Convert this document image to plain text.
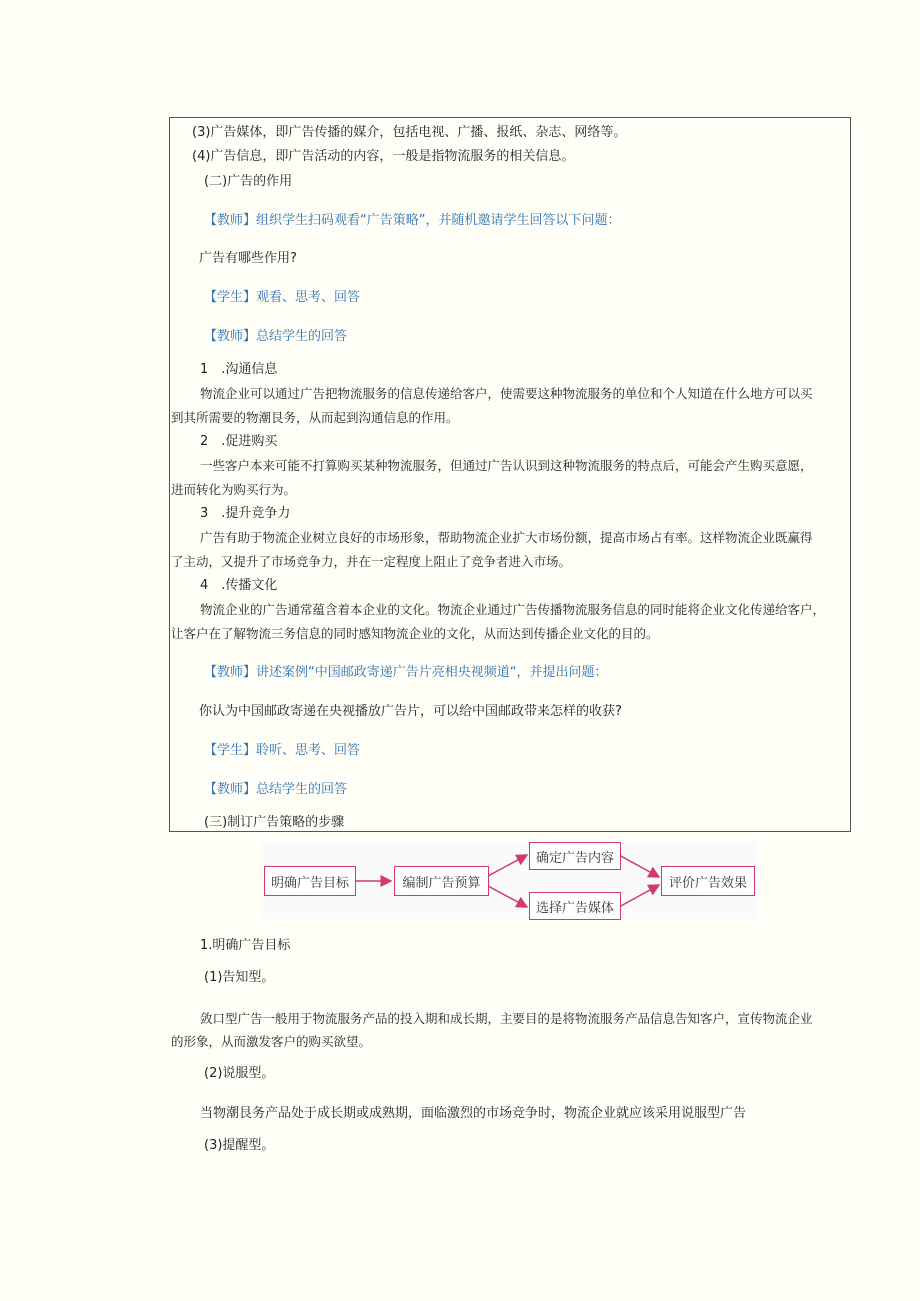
(3)广告媒体，即广告传播的媒介，包括电视、广播、报纸、杂志、网络等。
(4)广告信息，即广告活动的内容，一般是指物流服务的相关信息。
(二)广告的作用
【教师】组织学生扫码观看“广告策略”，并随机邀请学生回答以下问题：
广告有哪些作用?
【学生】观看、思考、回答
【教师】总结学生的回答
1　.沟通信息
物流企业可以通过广告把物流服务的信息传递给客户，使需要这种物流服务的单位和个人知道在什么地方可以买
到其所需要的物潮艮务，从而起到沟通信息的作用。
2　.促进购买
一些客户本来可能不打算购买某种物流服务，但通过广告认识到这种物流服务的特点后，可能会产生购买意愿，
进而转化为购买行为。
3　.提升竞争力
广告有助于物流企业树立良好的市场形象，帮助物流企业扩大市场份额，提高市场占有率。这样物流企业既赢得
了主动，又提升了市场竞争力，并在一定程度上阻止了竞争者进入市场。
4　.传播文化
物流企业的广告通常蕴含着本企业的文化。物流企业通过广告传播物流服务信息的同时能将企业文化传递给客户，
让客户在了解物流三务信息的同时感知物流企业的文化，从而达到传播企业文化的目的。
【教师】讲述案例“中国邮政寄递广告片亮相央视频道“，并提出问题：
你认为中国邮政寄递在央视播放广告片，可以给中国邮政带来怎样的收获?
【学生】聆听、思考、回答
【教师】总结学生的回答
(三)制订广告策略的步骤
明确广告目标	编制广告预算
确定广告内容
选择广告媒体
评价广告效果
1.明确广告目标
(1)告知型。
敛口型广告一般用于物流服务产品的投入期和成长期，主要目的是将物流服务产品信息告知客户，宣传物流企业
的形象，从而激发客户的购买欲望。
(2)说服型。
当物潮艮务产品处于成长期或成熟期，面临激烈的市场竞争时，物流企业就应该采用说服型广告
(3)提醒型。
